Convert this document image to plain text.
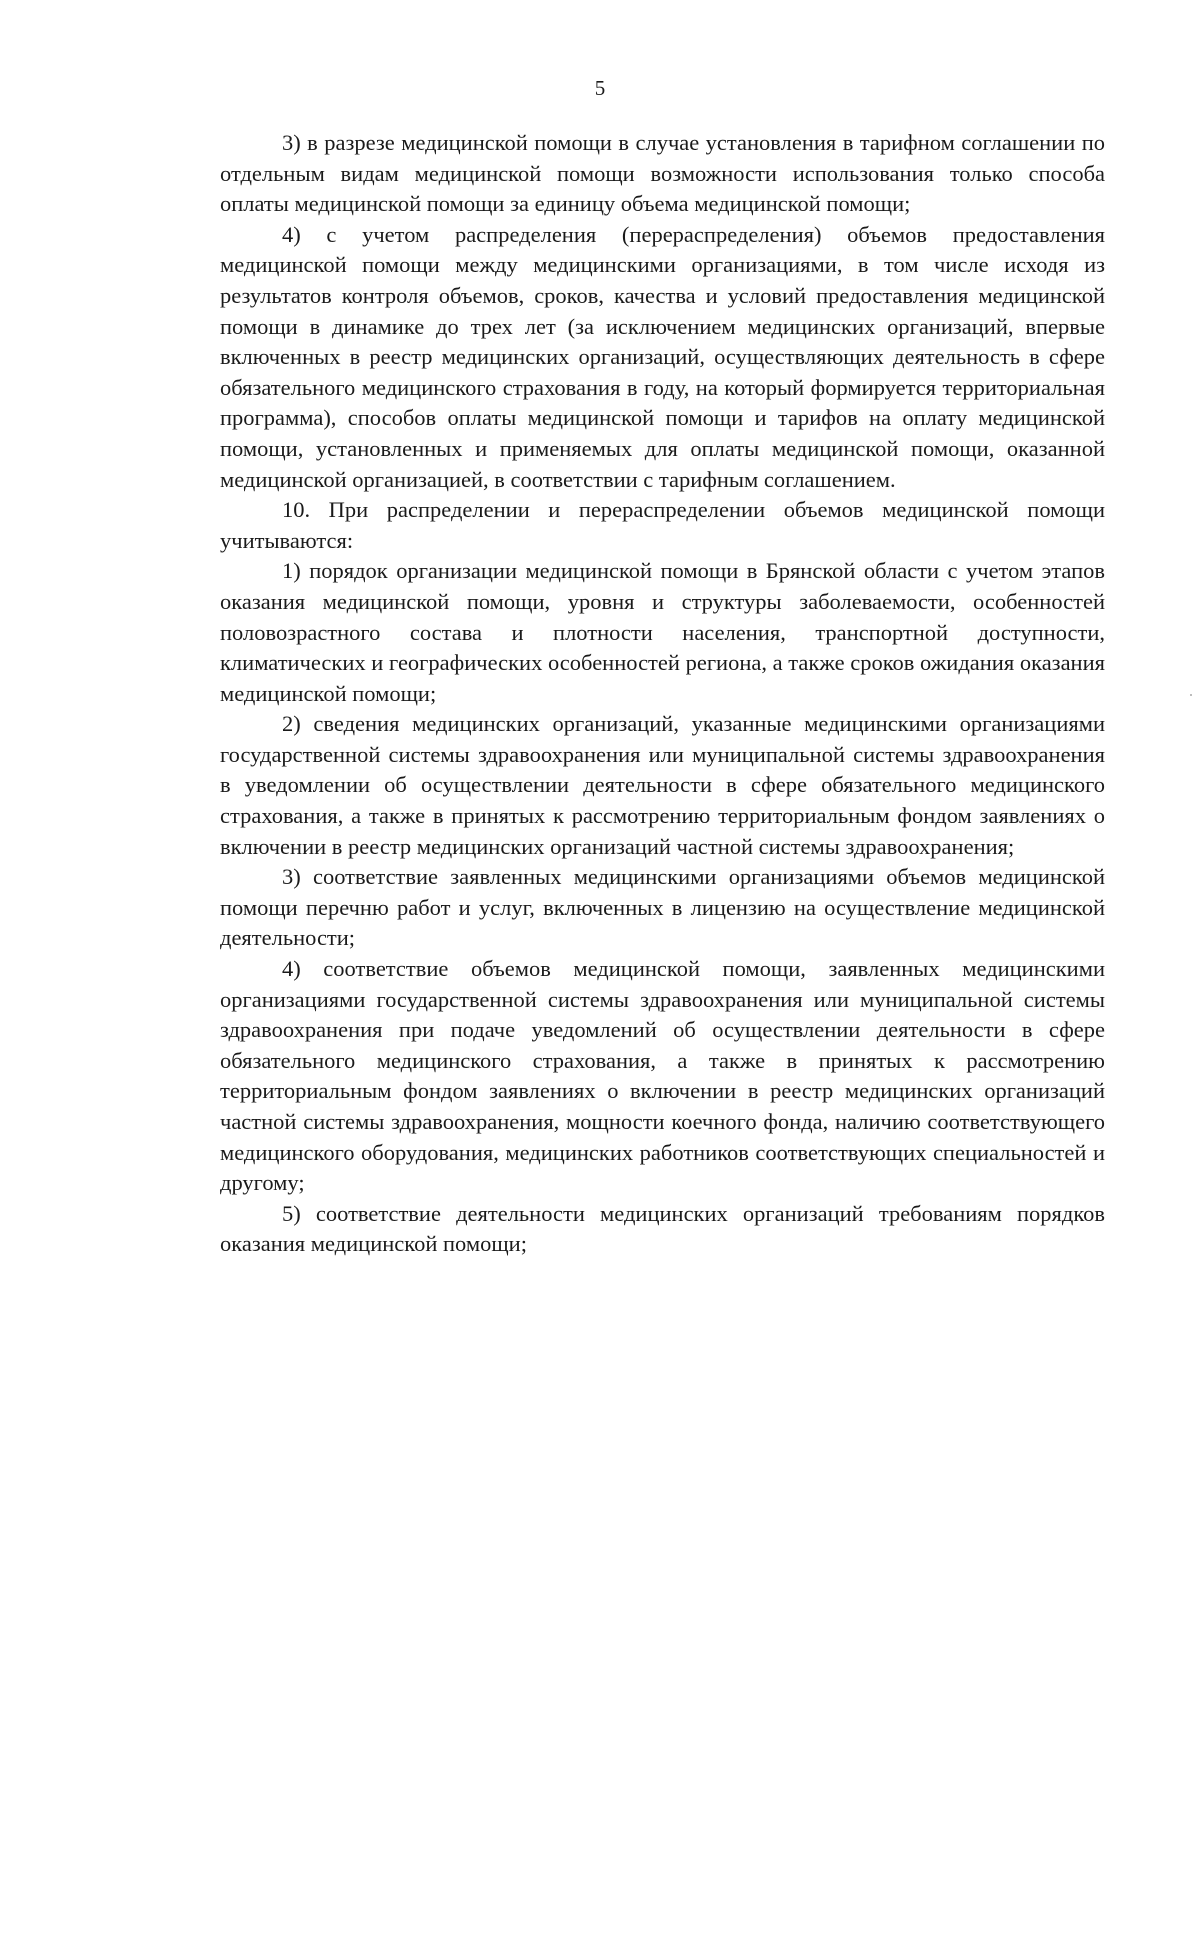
5

3) в разрезе медицинской помощи в случае установления в тарифном соглашении по отдельным видам медицинской помощи возможности использования только способа оплаты медицинской помощи за единицу объема медицинской помощи;

4) с учетом распределения (перераспределения) объемов предоставления медицинской помощи между медицинскими организациями, в том числе исходя из результатов контроля объемов, сроков, качества и условий предоставления медицинской помощи в динамике до трех лет (за исключением медицинских организаций, впервые включенных в реестр медицинских организаций, осуществляющих деятельность в сфере обязательного медицинского страхования в году, на который формируется территориальная программа), способов оплаты медицинской помощи и тарифов на оплату медицинской помощи, установленных и применяемых для оплаты медицинской помощи, оказанной медицинской организацией, в соответствии с тарифным соглашением.

10. При распределении и перераспределении объемов медицинской помощи учитываются:

1) порядок организации медицинской помощи в Брянской области с учетом этапов оказания медицинской помощи, уровня и структуры заболеваемости, особенностей половозрастного состава и плотности населения, транспортной доступности, климатических и географических особенностей региона, а также сроков ожидания оказания медицинской помощи;

2) сведения медицинских организаций, указанные медицинскими организациями государственной системы здравоохранения или муниципальной системы здравоохранения в уведомлении об осуществлении деятельности в сфере обязательного медицинского страхования, а также в принятых к рассмотрению территориальным фондом заявлениях о включении в реестр медицинских организаций частной системы здравоохранения;

3) соответствие заявленных медицинскими организациями объемов медицинской помощи перечню работ и услуг, включенных в лицензию на осуществление медицинской деятельности;

4) соответствие объемов медицинской помощи, заявленных медицинскими организациями государственной системы здравоохранения или муниципальной системы здравоохранения при подаче уведомлений об осуществлении деятельности в сфере обязательного медицинского страхования, а также в принятых к рассмотрению территориальным фондом заявлениях о включении в реестр медицинских организаций частной системы здравоохранения, мощности коечного фонда, наличию соответствующего медицинского оборудования, медицинских работников соответствующих специальностей и другому;

5) соответствие деятельности медицинских организаций требованиям порядков оказания медицинской помощи;
